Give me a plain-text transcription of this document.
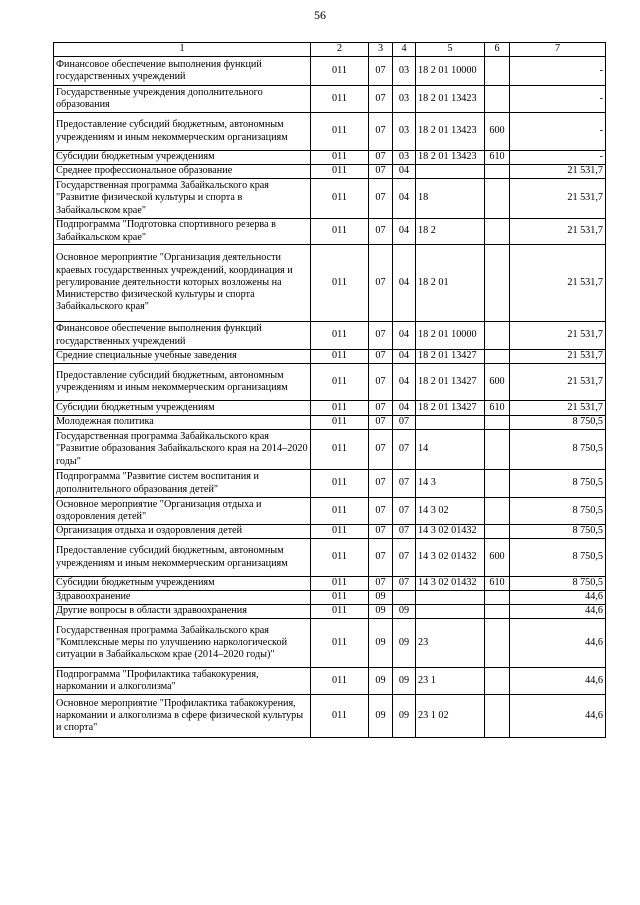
56
1	2	3	4	5	6	7
Финансовое обеспечение выполнения функций государственных учреждений	011	07	03	18 2 01 10000		-
Государственные учреждения дополнительного образования	011	07	03	18 2 01 13423		-
Предоставление субсидий бюджетным, автономным учреждениям и иным некоммерческим организациям	011	07	03	18 2 01 13423	600	-
Субсидии бюджетным учреждениям	011	07	03	18 2 01 13423	610	-
Среднее профессиональное образование	011	07	04			21 531,7
Государственная программа Забайкальского края "Развитие физической культуры и спорта в Забайкальском крае"	011	07	04	18		21 531,7
Подпрограмма "Подготовка спортивного резерва в Забайкальском крае"	011	07	04	18 2		21 531,7
Основное мероприятие "Организация деятельности краевых государственных учреждений, координация и регулирование деятельности которых возложены на Министерство физической культуры и спорта Забайкальского края"	011	07	04	18 2 01		21 531,7
Финансовое обеспечение выполнения функций государственных учреждений	011	07	04	18 2 01 10000		21 531,7
Средние специальные учебные заведения	011	07	04	18 2 01 13427		21 531,7
Предоставление субсидий бюджетным, автономным учреждениям и иным некоммерческим организациям	011	07	04	18 2 01 13427	600	21 531,7
Субсидии бюджетным учреждениям	011	07	04	18 2 01 13427	610	21 531,7
Молодежная политика	011	07	07			8 750,5
Государственная программа Забайкальского края "Развитие образования Забайкальского края на 2014–2020 годы"	011	07	07	14		8 750,5
Подпрограмма "Развитие систем воспитания и дополнительного образования детей"	011	07	07	14 3		8 750,5
Основное мероприятие "Организация отдыха и оздоровления детей"	011	07	07	14 3 02		8 750,5
Организация отдыха и оздоровления детей	011	07	07	14 3 02 01432		8 750,5
Предоставление субсидий бюджетным, автономным учреждениям и иным некоммерческим организациям	011	07	07	14 3 02 01432	600	8 750,5
Субсидии бюджетным учреждениям	011	07	07	14 3 02 01432	610	8 750,5
Здравоохранение	011	09				44,6
Другие вопросы в области здравоохранения	011	09	09			44,6
Государственная программа Забайкальского края "Комплексные меры по улучшению наркологической ситуации в Забайкальском крае (2014–2020 годы)"	011	09	09	23		44,6
Подпрограмма "Профилактика табакокурения, наркомании и алкоголизма"	011	09	09	23 1		44,6
Основное мероприятие "Профилактика табакокурения, наркомании и алкоголизма в сфере физической культуры и спорта"	011	09	09	23 1 02		44,6
